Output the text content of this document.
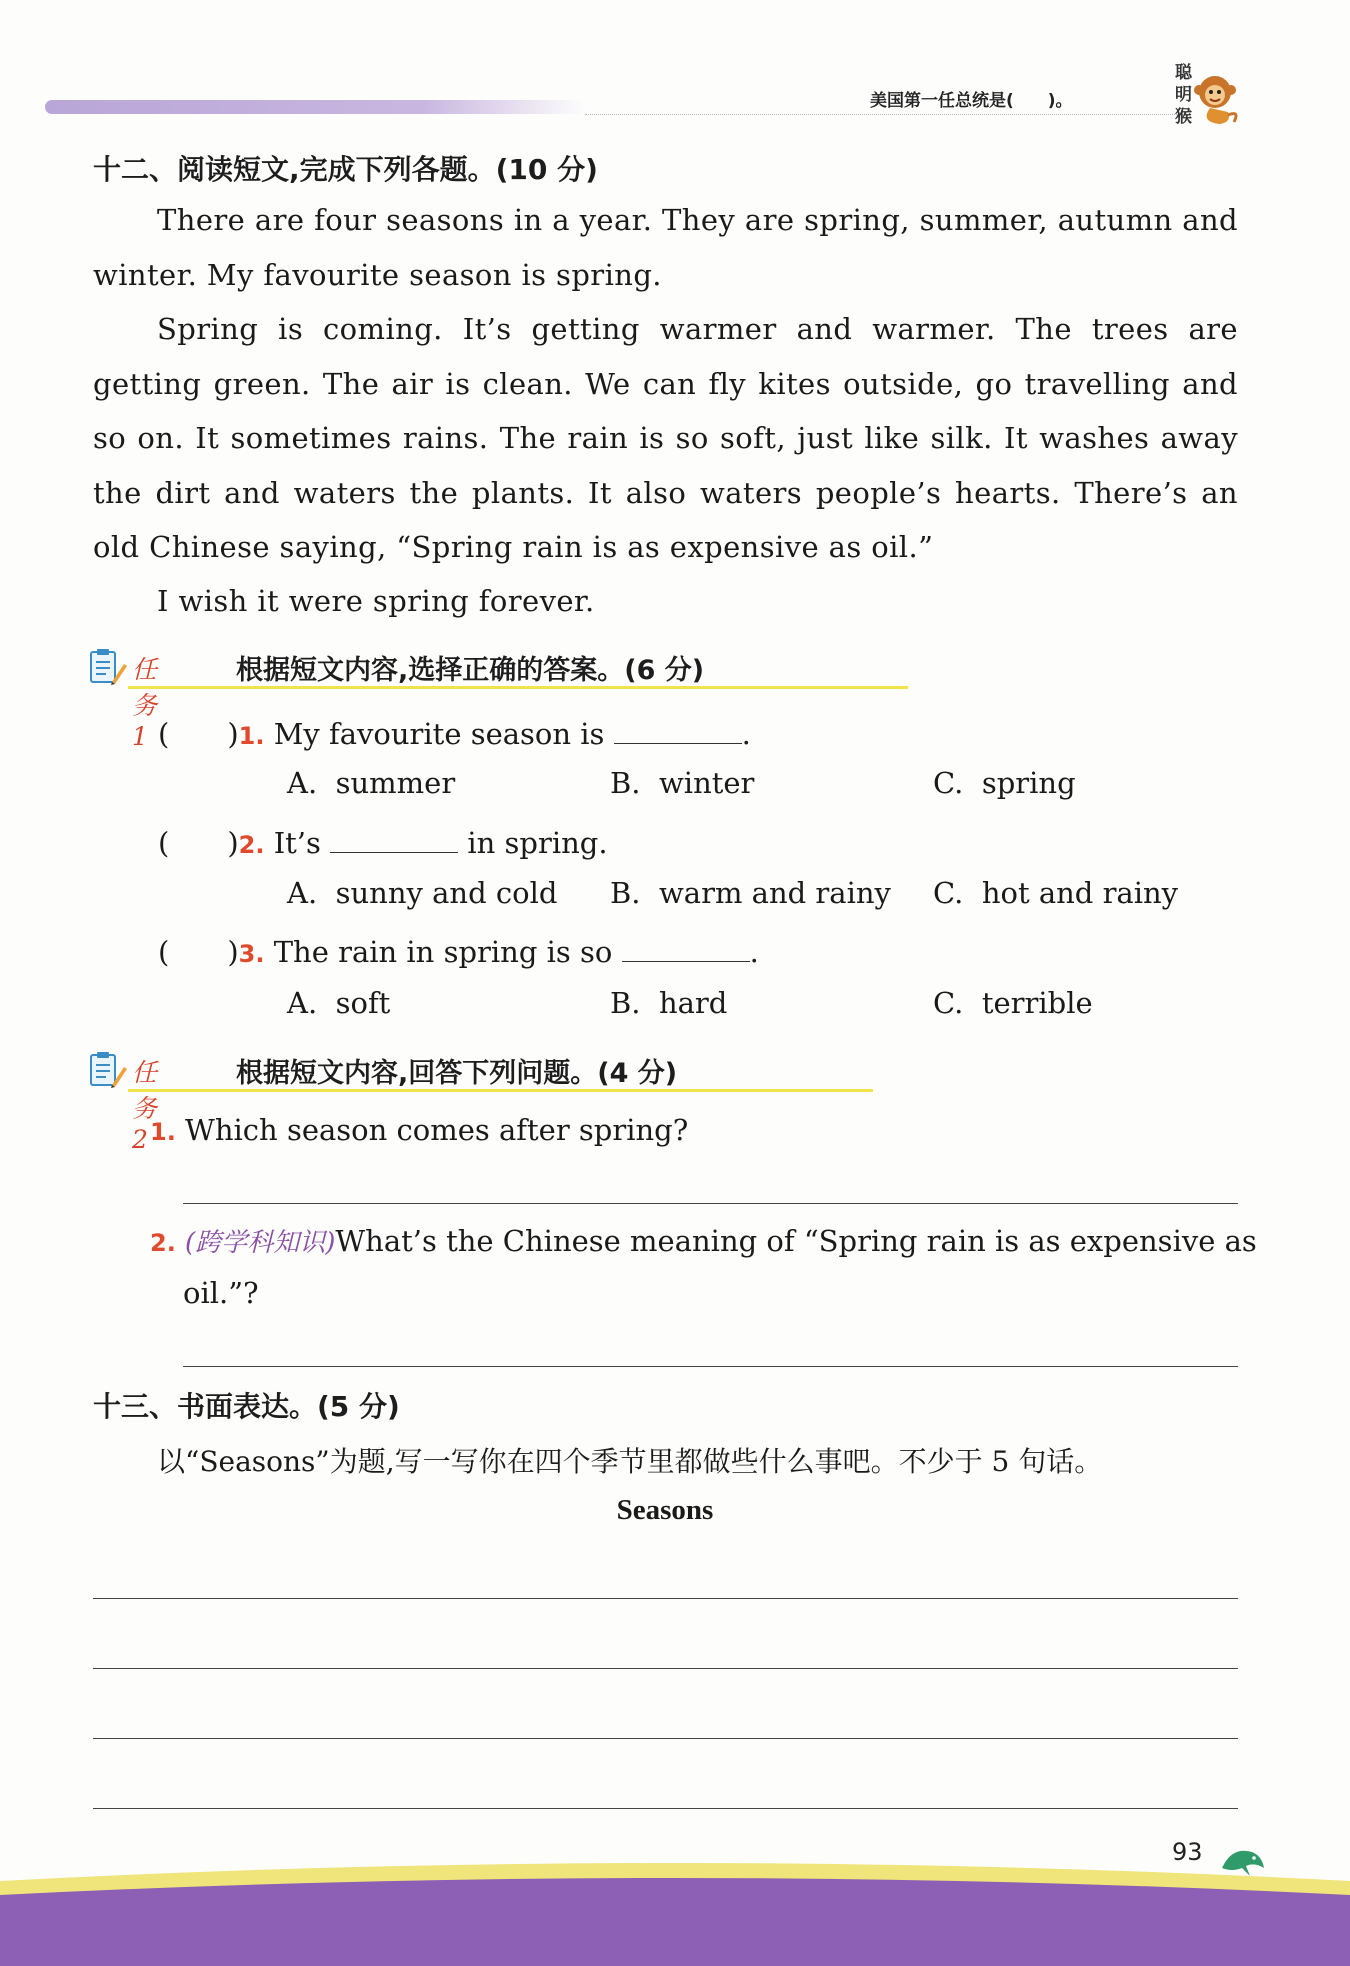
美国第一任总统是(　　)。
聪明猴
十二、阅读短文,完成下列各题。(10 分)
There are four seasons in a year. They are spring, summer, autumn and winter. My favourite season is spring.
Spring is coming. It’s getting warmer and warmer. The trees are getting green. The air is clean. We can fly kites outside, go travelling and so on. It sometimes rains. The rain is so soft, just like silk. It washes away the dirt and waters the plants. It also waters people’s hearts. There’s an old Chinese saying, “Spring rain is as expensive as oil.”
I wish it were spring forever.
任务1
根据短文内容,选择正确的答案。(6 分)
(　　)1. My favourite season is	.
A. summer	B. winter	C. spring
(　　)2. It’s	in spring.
A. sunny and cold B. warm and rainy C. hot and rainy
(　　)3. The rain in spring is so	.
A. soft	B. hard	C. terrible
任务2
根据短文内容,回答下列问题。(4 分)
1. Which season comes after spring?
2. (跨学科知识)What’s the Chinese meaning of “Spring rain is as expensive as
oil.”?
十三、书面表达。(5 分)
以“Seasons”为题,写一写你在四个季节里都做些什么事吧。不少于 5 句话。
Seasons
93
